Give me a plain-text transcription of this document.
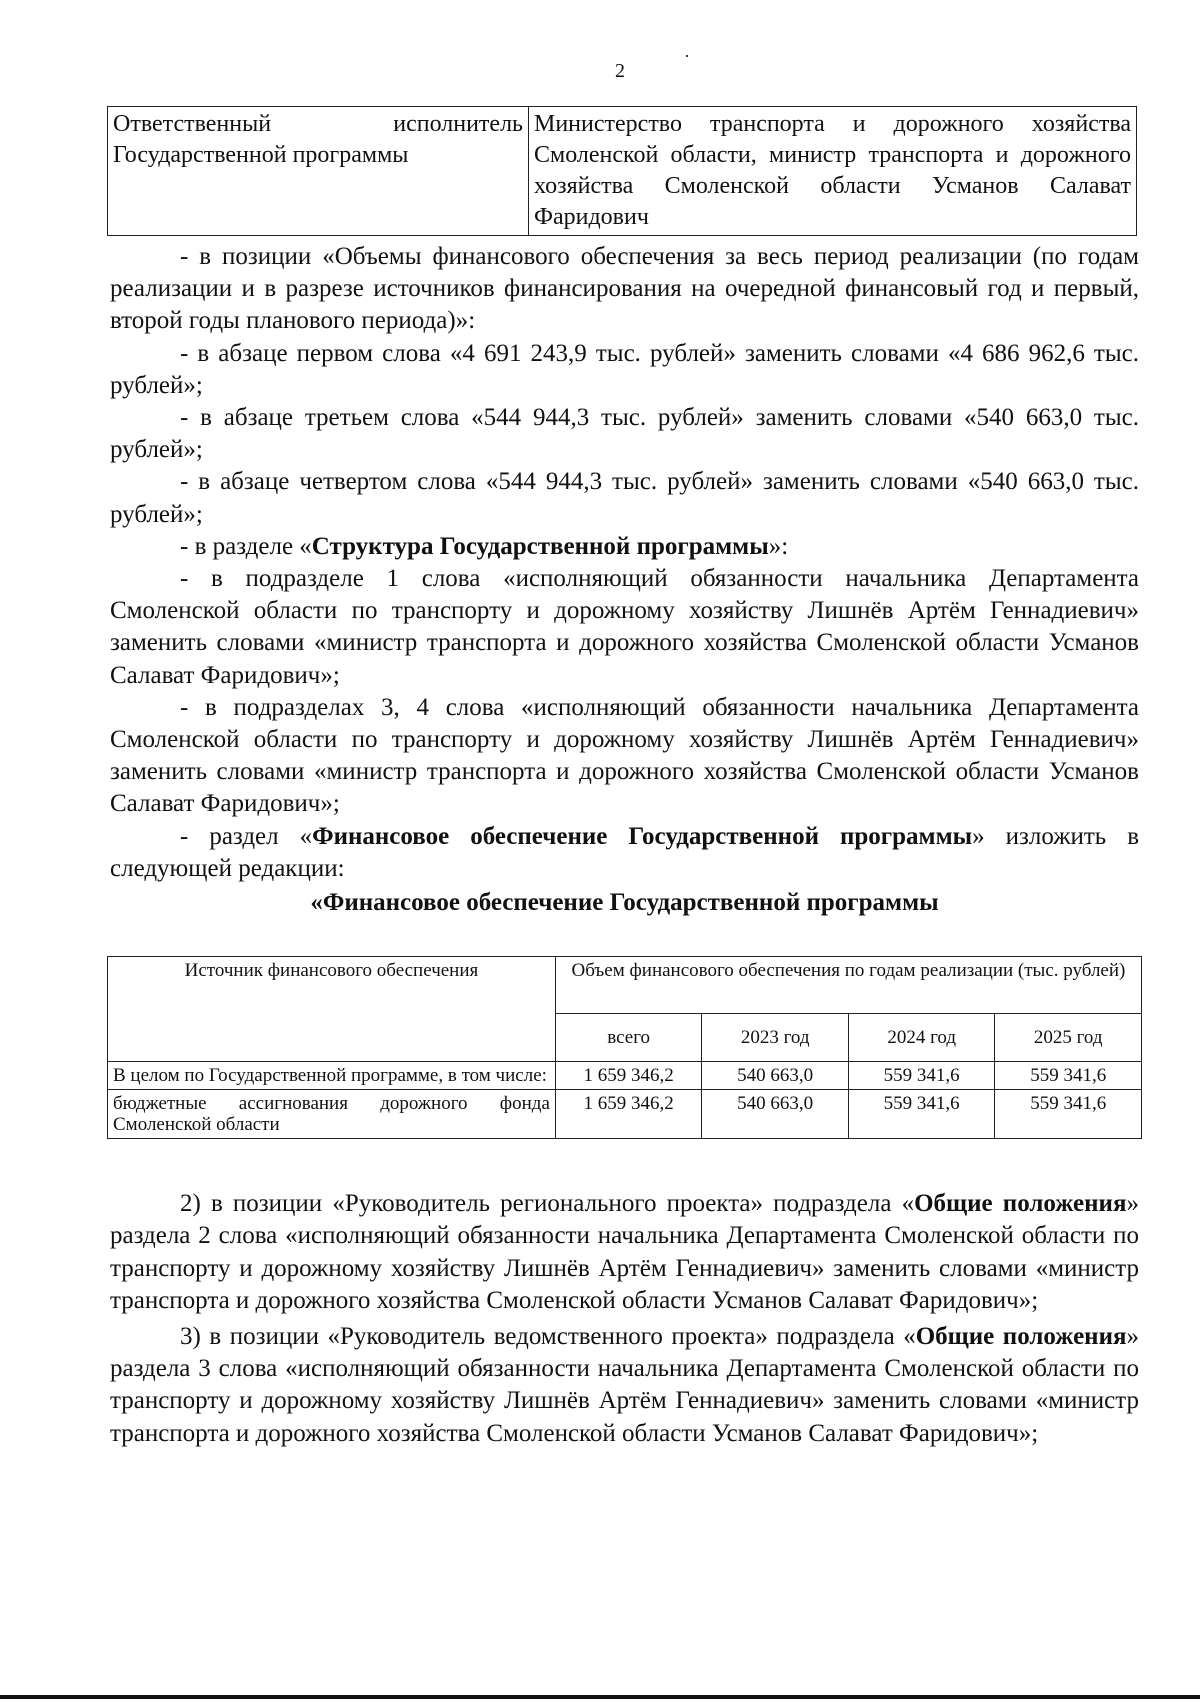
·
2
Ответственный исполнитель Государственной программы	Министерство транспорта и дорожного хозяйства Смоленской области, министр транспорта и дорожного хозяйства Смоленской области Усманов Салават Фаридович

- в позиции «Объемы финансового обеспечения за весь период реализации (по годам реализации и в разрезе источников финансирования на очередной финансовый год и первый, второй годы планового периода)»:

- в абзаце первом слова «4 691 243,9 тыс. рублей» заменить словами «4 686 962,6 тыс. рублей»;

- в абзаце третьем слова «544 944,3 тыс. рублей» заменить словами «540 663,0 тыс. рублей»;

- в абзаце четвертом слова «544 944,3 тыс. рублей» заменить словами «540 663,0 тыс. рублей»;

- в разделе «Структура Государственной программы»:

- в подразделе 1 слова «исполняющий обязанности начальника Департамента Смоленской области по транспорту и дорожному хозяйству Лишнёв Артём Геннадиевич» заменить словами «министр транспорта и дорожного хозяйства Смоленской области Усманов Салават Фаридович»;

- в подразделах 3, 4 слова «исполняющий обязанности начальника Департамента Смоленской области по транспорту и дорожному хозяйству Лишнёв Артём Геннадиевич» заменить словами «министр транспорта и дорожного хозяйства Смоленской области Усманов Салават Фаридович»;

- раздел «Финансовое обеспечение Государственной программы» изложить в следующей редакции:

«Финансовое обеспечение Государственной программы

Источник финансового обеспечения	Объем финансового обеспечения по годам реализации (тыс. рублей)			
	всего	2023 год	2024 год	2025 год
В целом по Государственной программе, в том числе:	1 659 346,2	540 663,0	559 341,6	559 341,6
бюджетные ассигнования дорожного фонда Смоленской области	1 659 346,2	540 663,0	559 341,6	559 341,6

2) в позиции «Руководитель регионального проекта» подраздела «Общие положения» раздела 2 слова «исполняющий обязанности начальника Департамента Смоленской области по транспорту и дорожному хозяйству Лишнёв Артём Геннадиевич» заменить словами «министр транспорта и дорожного хозяйства Смоленской области Усманов Салават Фаридович»;

3) в позиции «Руководитель ведомственного проекта» подраздела «Общие положения» раздела 3 слова «исполняющий обязанности начальника Департамента Смоленской области по транспорту и дорожному хозяйству Лишнёв Артём Геннадиевич» заменить словами «министр транспорта и дорожного хозяйства Смоленской области Усманов Салават Фаридович»;
